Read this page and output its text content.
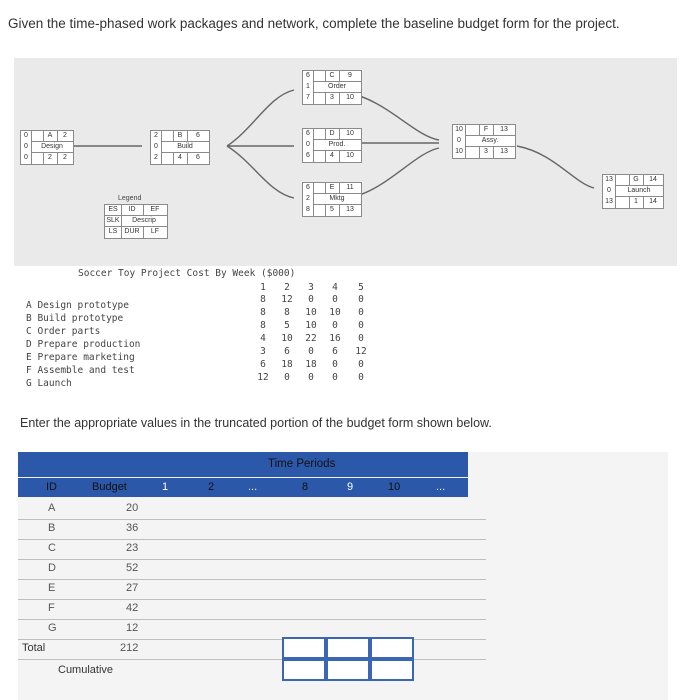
Given the time-phased work packages and network, complete the baseline budget form for the project.
0
0
0
A	2
Design
2	2
2
0
2
B	6
Build
4	6
6
1
7
C	9
Order
3	10
6
0
6
D	10
Prod.
4	10
6
2
8
E	11
Mktg
5	13
10
0
10
F	13
Assy.
3	13
13
0
13
G	14
Launch
1	14
Legend
ES	ID	EF
SLK	Descrip
LS	DUR	LF
Soccer Toy Project Cost By Week ($000)
1	2	3	4	5
A Design prototype
8	12	0	0	0
B Build prototype
8	8	10	10	0
C Order parts
8	5	10	0	0
D Prepare production
4	10	22	16	0
E Prepare marketing
3	6	0	6	12
F Assemble and test
6	18	18	0	0
G Launch
12	0	0	0	0
Enter the appropriate values in the truncated portion of the budget form shown below.
Time Periods
ID	Budget	1	2	...	8	9	10	...
A	20
B	36
C	23
D	52
E	27
F	42
G	12
Total	212
Cumulative
